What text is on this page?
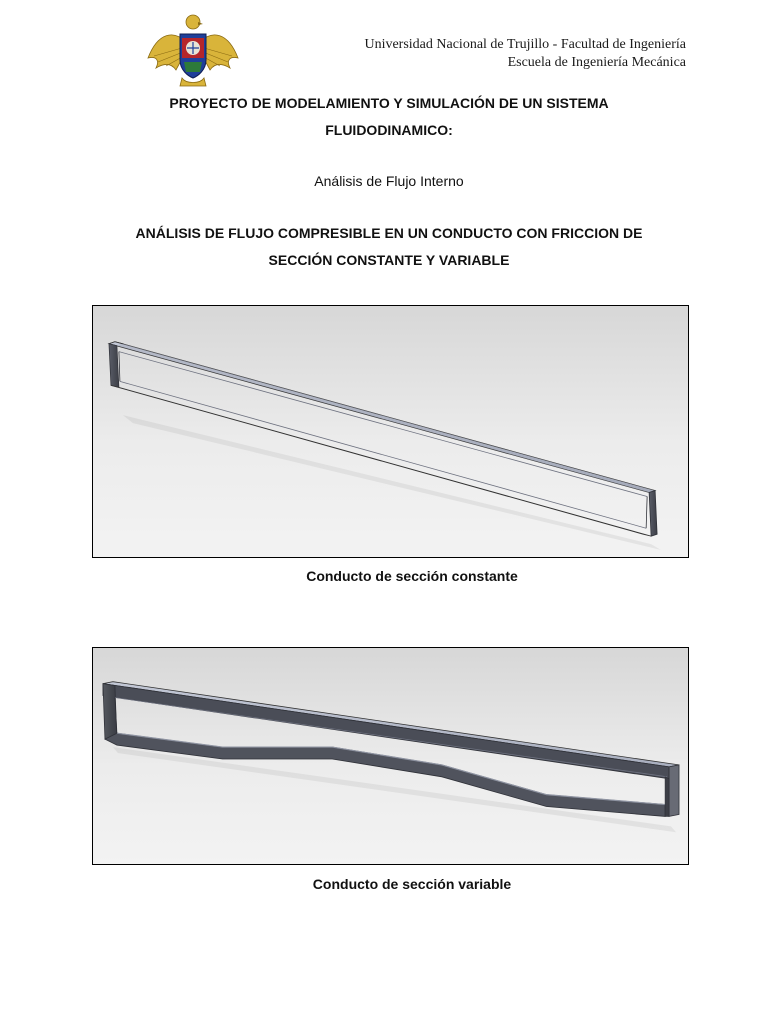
Universidad Nacional de Trujillo - Facultad de Ingeniería
Escuela de Ingeniería Mecánica
PROYECTO DE MODELAMIENTO Y SIMULACIÓN DE UN SISTEMA
FLUIDODINAMICO:
Análisis de Flujo Interno
ANÁLISIS DE FLUJO COMPRESIBLE EN UN CONDUCTO CON FRICCION DE
SECCIÓN CONSTANTE Y VARIABLE
Conducto de sección constante
Conducto de sección variable
